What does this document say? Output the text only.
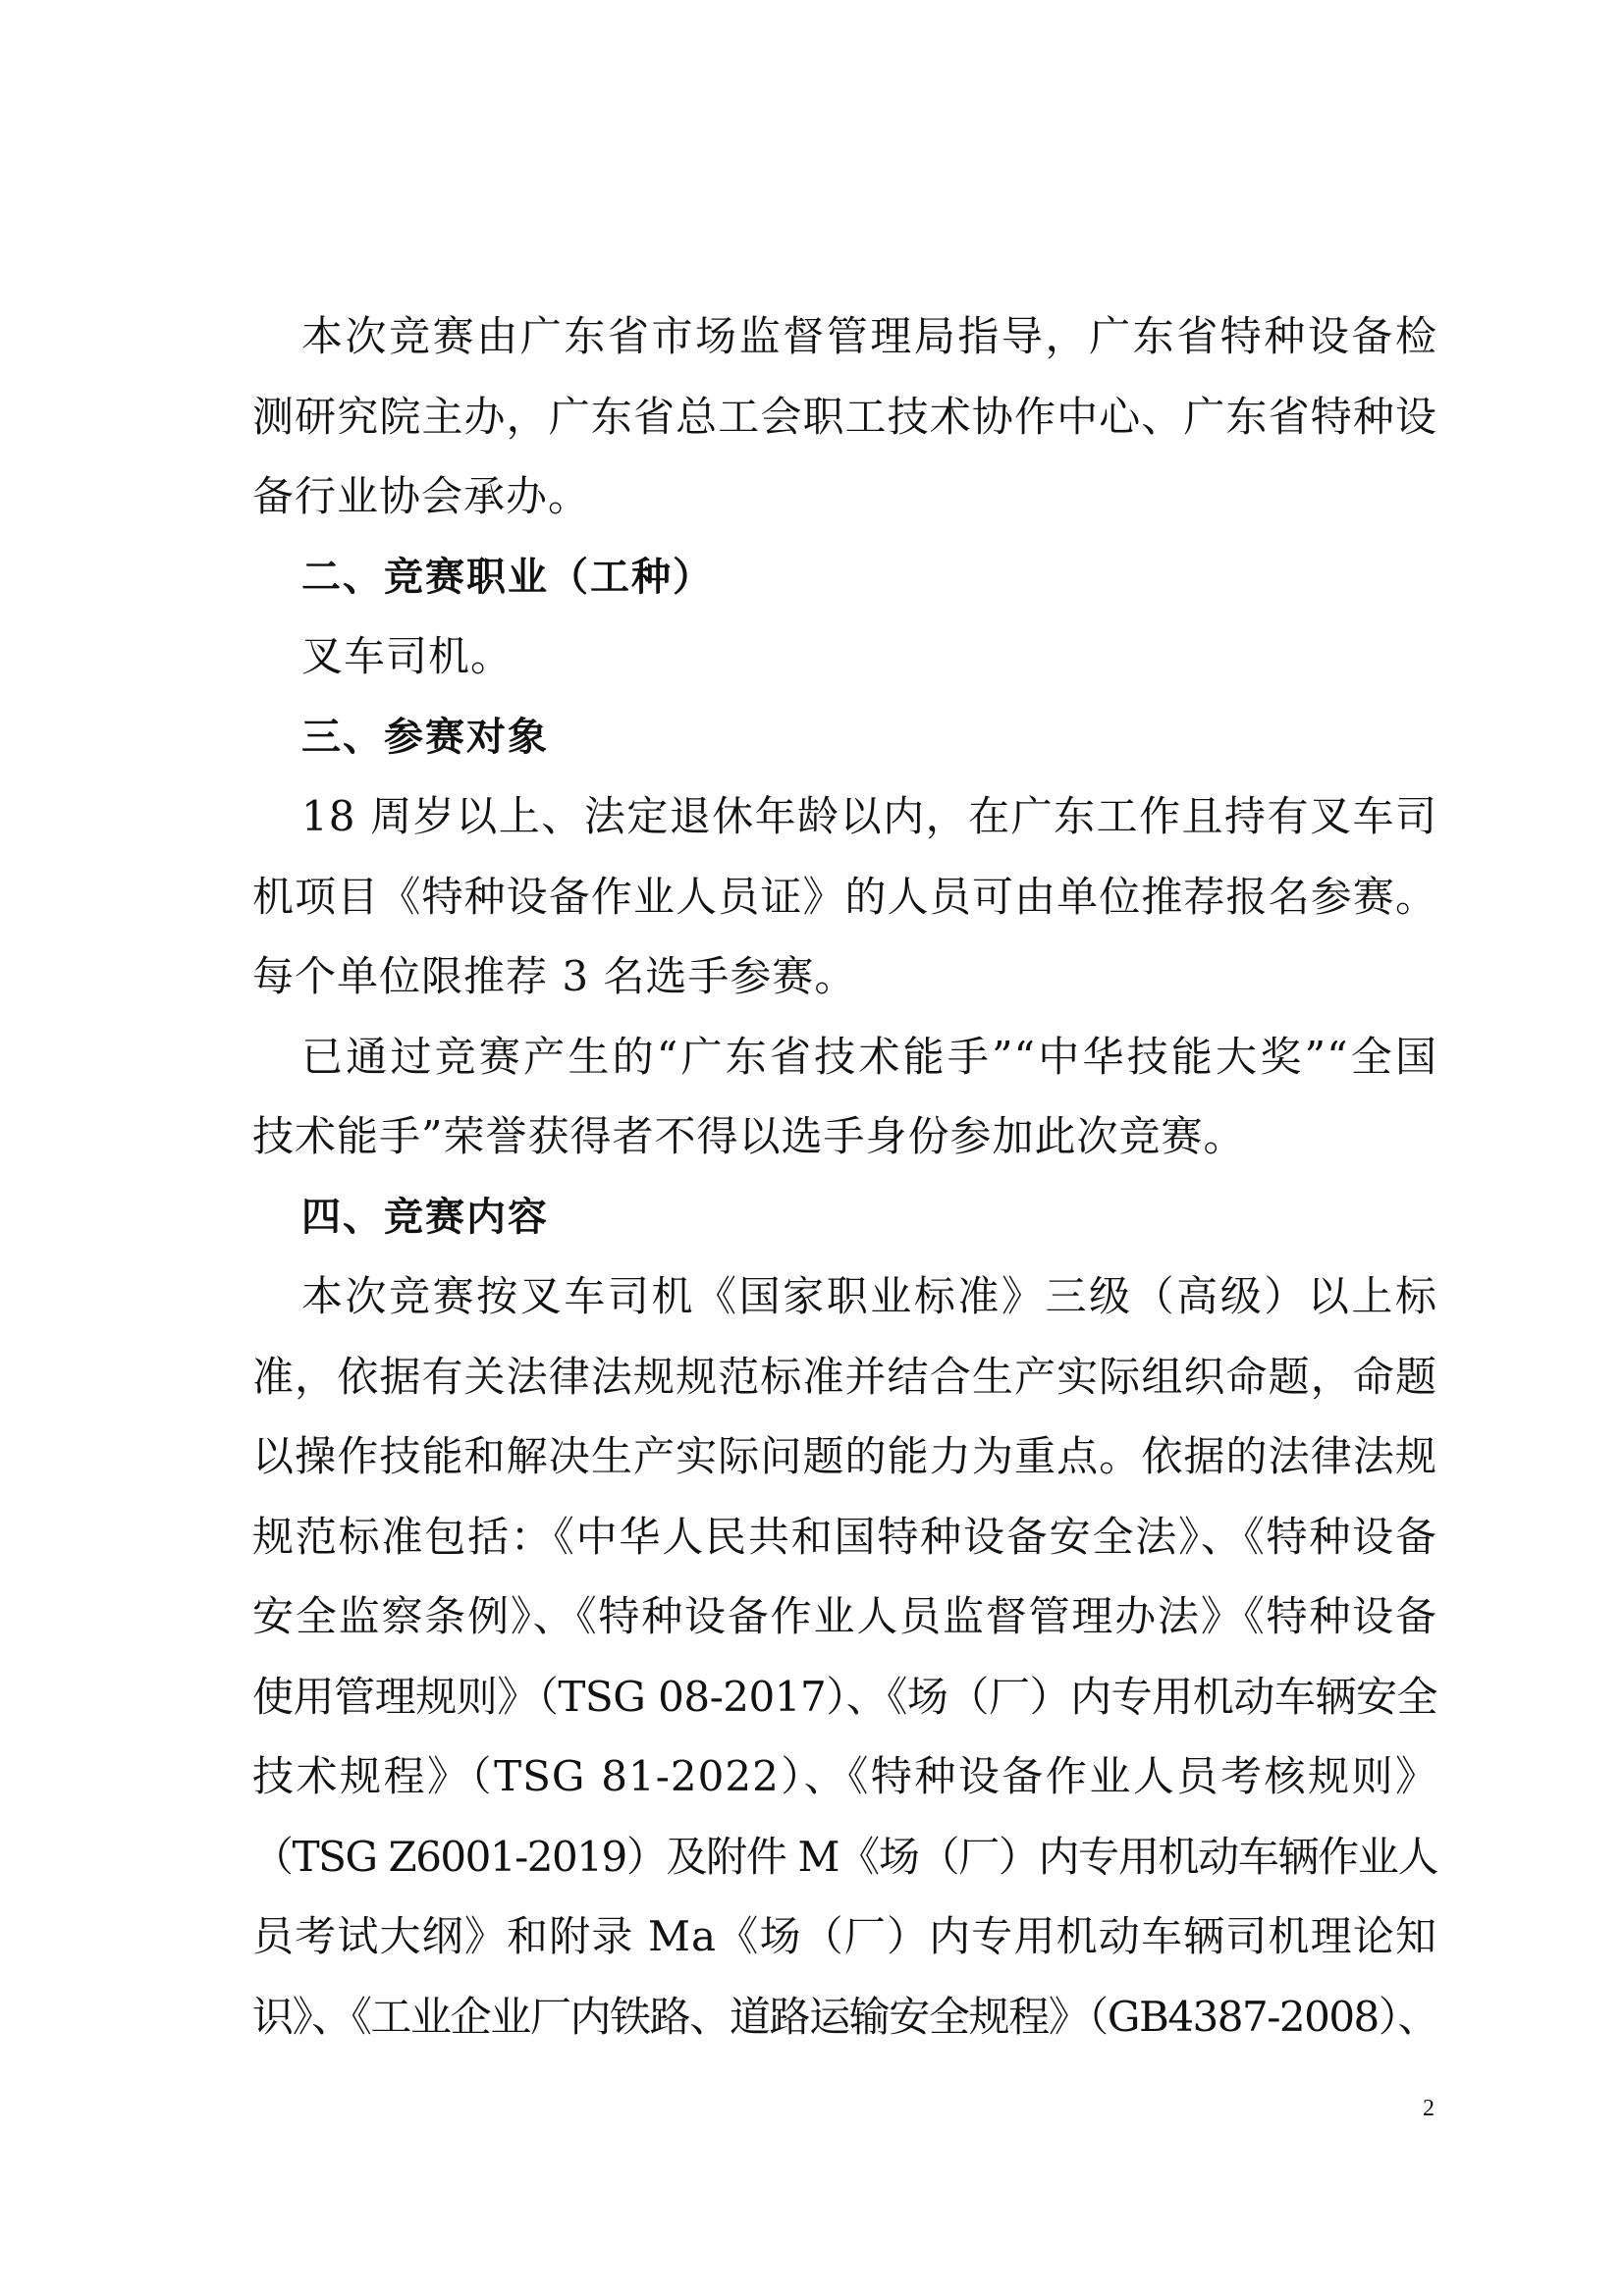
本次竞赛由广东省市场监督管理局指导，广东省特种设备检
测研究院主办，广东省总工会职工技术协作中心、广东省特种设
备行业协会承办。
二、竞赛职业（工种）
叉车司机。
三、参赛对象
18 周岁以上、法定退休年龄以内，在广东工作且持有叉车司
机项目《特种设备作业人员证》的人员可由单位推荐报名参赛。
每个单位限推荐 3 名选手参赛。
已通过竞赛产生的“广东省技术能手”“中华技能大奖”“全国
技术能手”荣誉获得者不得以选手身份参加此次竞赛。
四、竞赛内容
本次竞赛按叉车司机《国家职业标准》三级（高级）以上标
准，依据有关法律法规规范标准并结合生产实际组织命题，命题
以操作技能和解决生产实际问题的能力为重点。依据的法律法规
规范标准包括：《中华人民共和国特种设备安全法》、《特种设备
安全监察条例》、《特种设备作业人员监督管理办法》《特种设备
使用管理规则》（TSG 08-2017）、《场（厂）内专用机动车辆安全
技术规程》（TSG 81-2022）、《特种设备作业人员考核规则》
（TSG Z6001-2019）及附件 M《场（厂）内专用机动车辆作业人
员考试大纲》和附录 Ma《场（厂）内专用机动车辆司机理论知
识》、《工业企业厂内铁路、道路运输安全规程》（GB4387-2008）、
2
